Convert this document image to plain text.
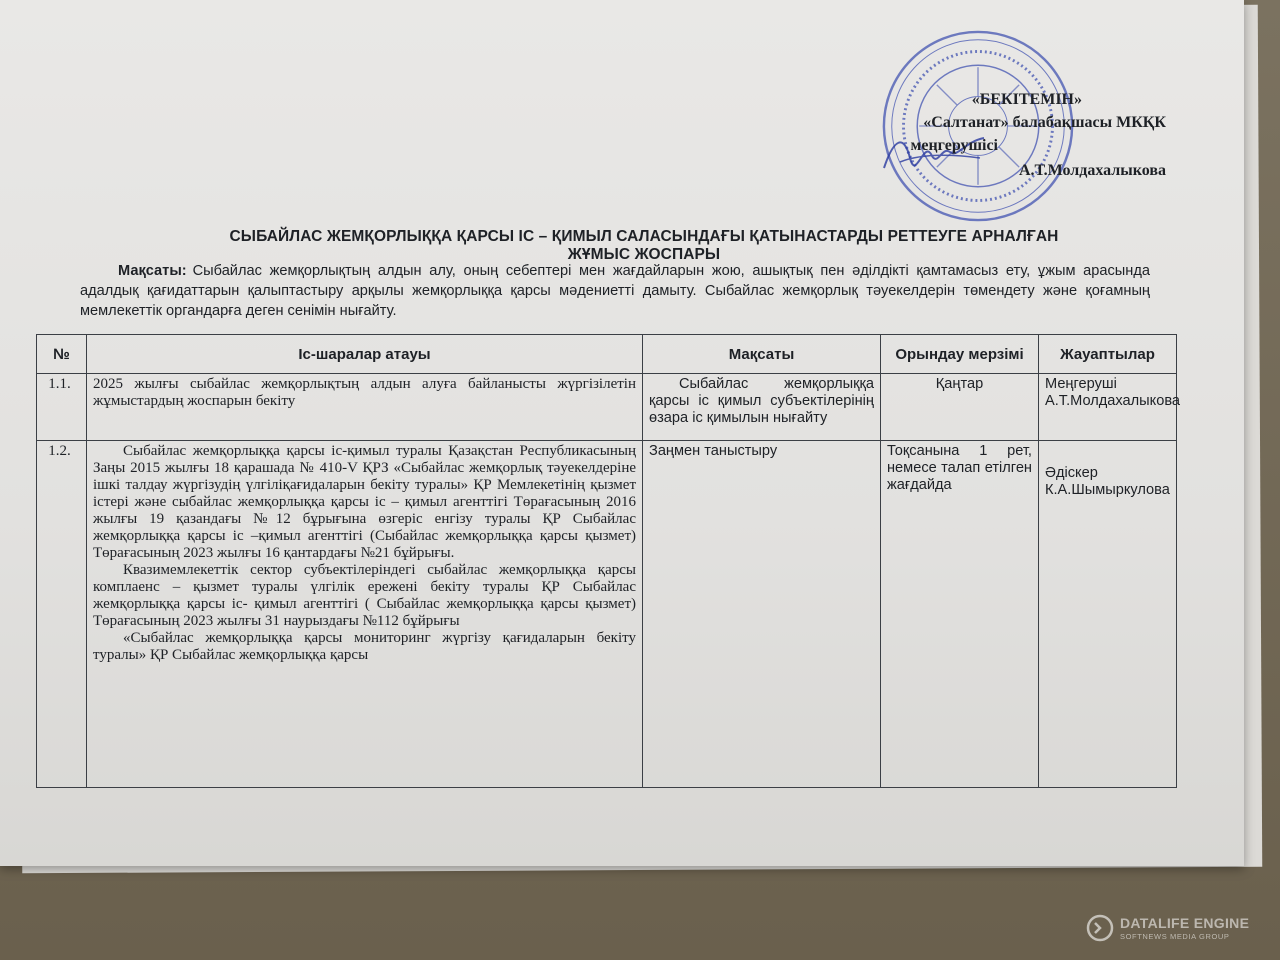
«БЕКІТЕМІН»
«Салтанат» балабақшасы МКҚК
меңгерушісі
А.Т.Молдахалыкова
СЫБАЙЛАС ЖЕМҚОРЛЫҚҚА ҚАРСЫ ІС – ҚИМЫЛ САЛАСЫНДАҒЫ ҚАТЫНАСТАРДЫ РЕТТЕУГЕ АРНАЛҒАН
ЖҰМЫС ЖОСПАРЫ
Мақсаты: Сыбайлас жемқорлықтың алдын алу, оның себептері мен жағдайларын жою, ашықтық пен әділдікті қамтамасыз ету, ұжым арасында адалдық қағидаттарын қалыптастыру арқылы жемқорлыққа қарсы мәдениетті дамыту. Сыбайлас жемқорлық тәуекелдерін төмендету және қоғамның мемлекеттік органдарға деген сенімін нығайту.
№	Іс-шаралар атауы	Мақсаты	Орындау мерзімі	Жауаптылар
1.1.	2025 жылғы сыбайлас жемқорлықтың алдын алуға байланысты жүргізілетін жұмыстардың жоспарын бекіту	Сыбайлас жемқорлыққа қарсы іс қимыл субъектілерінің өзара іс қимылын нығайту	Қаңтар	Меңгеруші А.Т.Молдахалыкова
1.2.	Сыбайлас жемқорлыққа қарсы іс-қимыл туралы Қазақстан Республикасының Заңы 2015 жылғы 18 қарашада № 410-V ҚРЗ «Сыбайлас жемқорлық тәуекелдеріне ішкі талдау жүргізудің үлгіліқағидаларын бекіту туралы» ҚР Мемлекетінің қызмет істері және сыбайлас жемқорлыққа қарсы іс – қимыл агенттігі Төрағасының 2016 жылғы 19 қазандағы №12 бұрығына өзгеріс енгізу туралы ҚР Сыбайлас жемқорлыққа қарсы іс –қимыл агенттігі (Сыбайлас жемқорлыққа қарсы қызмет) Төрағасының 2023 жылғы 16 қантардағы №21 бұйрығы.

Квазимемлекеттік сектор субъектілеріндегі сыбайлас жемқорлыққа қарсы комплаенс – қызмет туралы үлгілік ережені бекіту туралы ҚР Сыбайлас жемқорлыққа қарсы іс- қимыл агенттігі ( Сыбайлас жемқорлыққа қарсы қызмет) Төрағасының 2023 жылғы 31 наурыздағы №112 бұйрығы

«Сыбайлас жемқорлыққа қарсы мониторинг жүргізу қағидаларын бекіту туралы» ҚР Сыбайлас жемқорлыққа қарсы	Заңмен таныстыру	Тоқсанына 1 рет, немесе талап етілген жағдайда	Әдіскер К.А.Шымыркулова
DATALIFE ENGINE
SOFTNEWS MEDIA GROUP
